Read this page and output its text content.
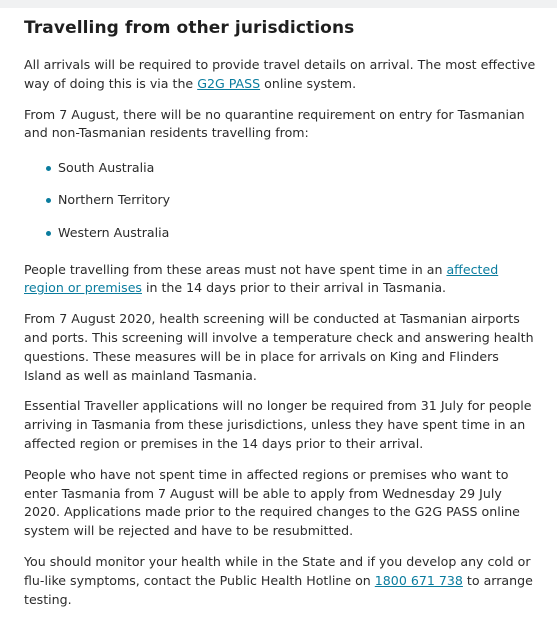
Travelling from other jurisdictions

All arrivals will be required to provide travel details on arrival. The most effective way of doing this is via the G2G PASS online system.

From 7 August, there will be no quarantine requirement on entry for Tasmanian and non-Tasmanian residents travelling from:

South Australia
Northern Territory
Western Australia

People travelling from these areas must not have spent time in an affected region or premises in the 14 days prior to their arrival in Tasmania.

From 7 August 2020, health screening will be conducted at Tasmanian airports and ports. This screening will involve a temperature check and answering health questions. These measures will be in place for arrivals on King and Flinders Island as well as mainland Tasmania.

Essential Traveller applications will no longer be required from 31 July for people arriving in Tasmania from these jurisdictions, unless they have spent time in an affected region or premises in the 14 days prior to their arrival.

People who have not spent time in affected regions or premises who want to enter Tasmania from 7 August will be able to apply from Wednesday 29 July 2020. Applications made prior to the required changes to the G2G PASS online system will be rejected and have to be resubmitted.

You should monitor your health while in the State and if you develop any cold or flu-like symptoms, contact the Public Health Hotline on 1800 671 738 to arrange testing.
